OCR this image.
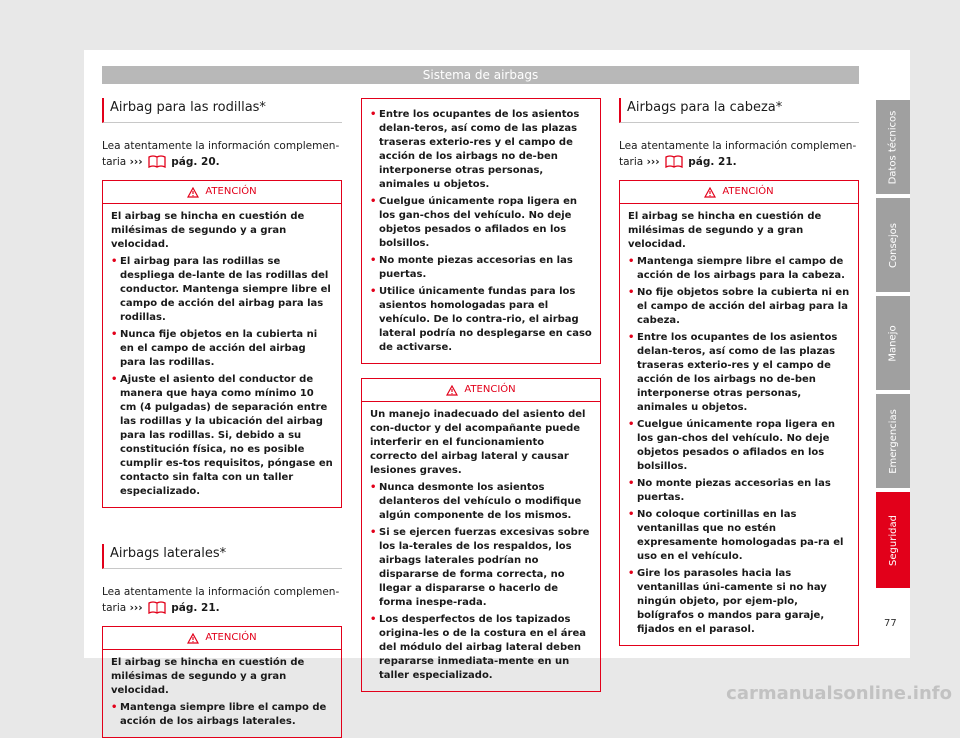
Sistema de airbags
Airbag para las rodillas*

Lea atentamente la información complemen-taria ›››	pág. 20.

ATENCIÓN

El airbag se hincha en cuestión de milésimas de segundo y a gran velocidad.

• El airbag para las rodillas se despliega de-lante de las rodillas del conductor. Mantenga siempre libre el campo de acción del airbag para las rodillas.
• Nunca fije objetos en la cubierta ni en el campo de acción del airbag para las rodillas.
• Ajuste el asiento del conductor de manera que haya como mínimo 10 cm (4 pulgadas) de separación entre las rodillas y la ubicación del airbag para las rodillas. Si, debido a su constitución física, no es posible cumplir es-tos requisitos, póngase en contacto sin falta con un taller especializado.
Airbags laterales*

Lea atentamente la información complemen-taria ›››	pág. 21.

ATENCIÓN

El airbag se hincha en cuestión de milésimas de segundo y a gran velocidad.

• Mantenga siempre libre el campo de acción de los airbags laterales.
• Entre los ocupantes de los asientos delan-teros, así como de las plazas traseras exterio-res y el campo de acción de los airbags no de-ben interponerse otras personas, animales u objetos.
• Cuelgue únicamente ropa ligera en los gan-chos del vehículo. No deje objetos pesados o afilados en los bolsillos.
• No monte piezas accesorias en las puertas.
• Utilice únicamente fundas para los asientos homologadas para el vehículo. De lo contra-rio, el airbag lateral podría no desplegarse en caso de activarse.
ATENCIÓN

Un manejo inadecuado del asiento del con-ductor y del acompañante puede interferir en el funcionamiento correcto del airbag lateral y causar lesiones graves.

• Nunca desmonte los asientos delanteros del vehículo o modifique algún componente de los mismos.
• Si se ejercen fuerzas excesivas sobre los la-terales de los respaldos, los airbags laterales podrían no dispararse de forma correcta, no llegar a dispararse o hacerlo de forma inespe-rada.
• Los desperfectos de los tapizados origina-les o de la costura en el área del módulo del airbag lateral deben repararse inmediata-mente en un taller especializado.
Airbags para la cabeza*

Lea atentamente la información complemen-taria ›››	pág. 21.

ATENCIÓN

El airbag se hincha en cuestión de milésimas de segundo y a gran velocidad.

• Mantenga siempre libre el campo de acción de los airbags para la cabeza.
• No fije objetos sobre la cubierta ni en el campo de acción del airbag para la cabeza.
• Entre los ocupantes de los asientos delan-teros, así como de las plazas traseras exterio-res y el campo de acción de los airbags no de-ben interponerse otras personas, animales u objetos.
• Cuelgue únicamente ropa ligera en los gan-chos del vehículo. No deje objetos pesados o afilados en los bolsillos.
• No monte piezas accesorias en las puertas.
• No coloque cortinillas en las ventanillas que no estén expresamente homologadas pa-ra el uso en el vehículo.
• Gire los parasoles hacia las ventanillas úni-camente si no hay ningún objeto, por ejem-plo, bolígrafos o mandos para garaje, fijados en el parasol.
Datos técnicos
Consejos
Manejo
Emergencias
Seguridad
77
carmanualsonline.info
